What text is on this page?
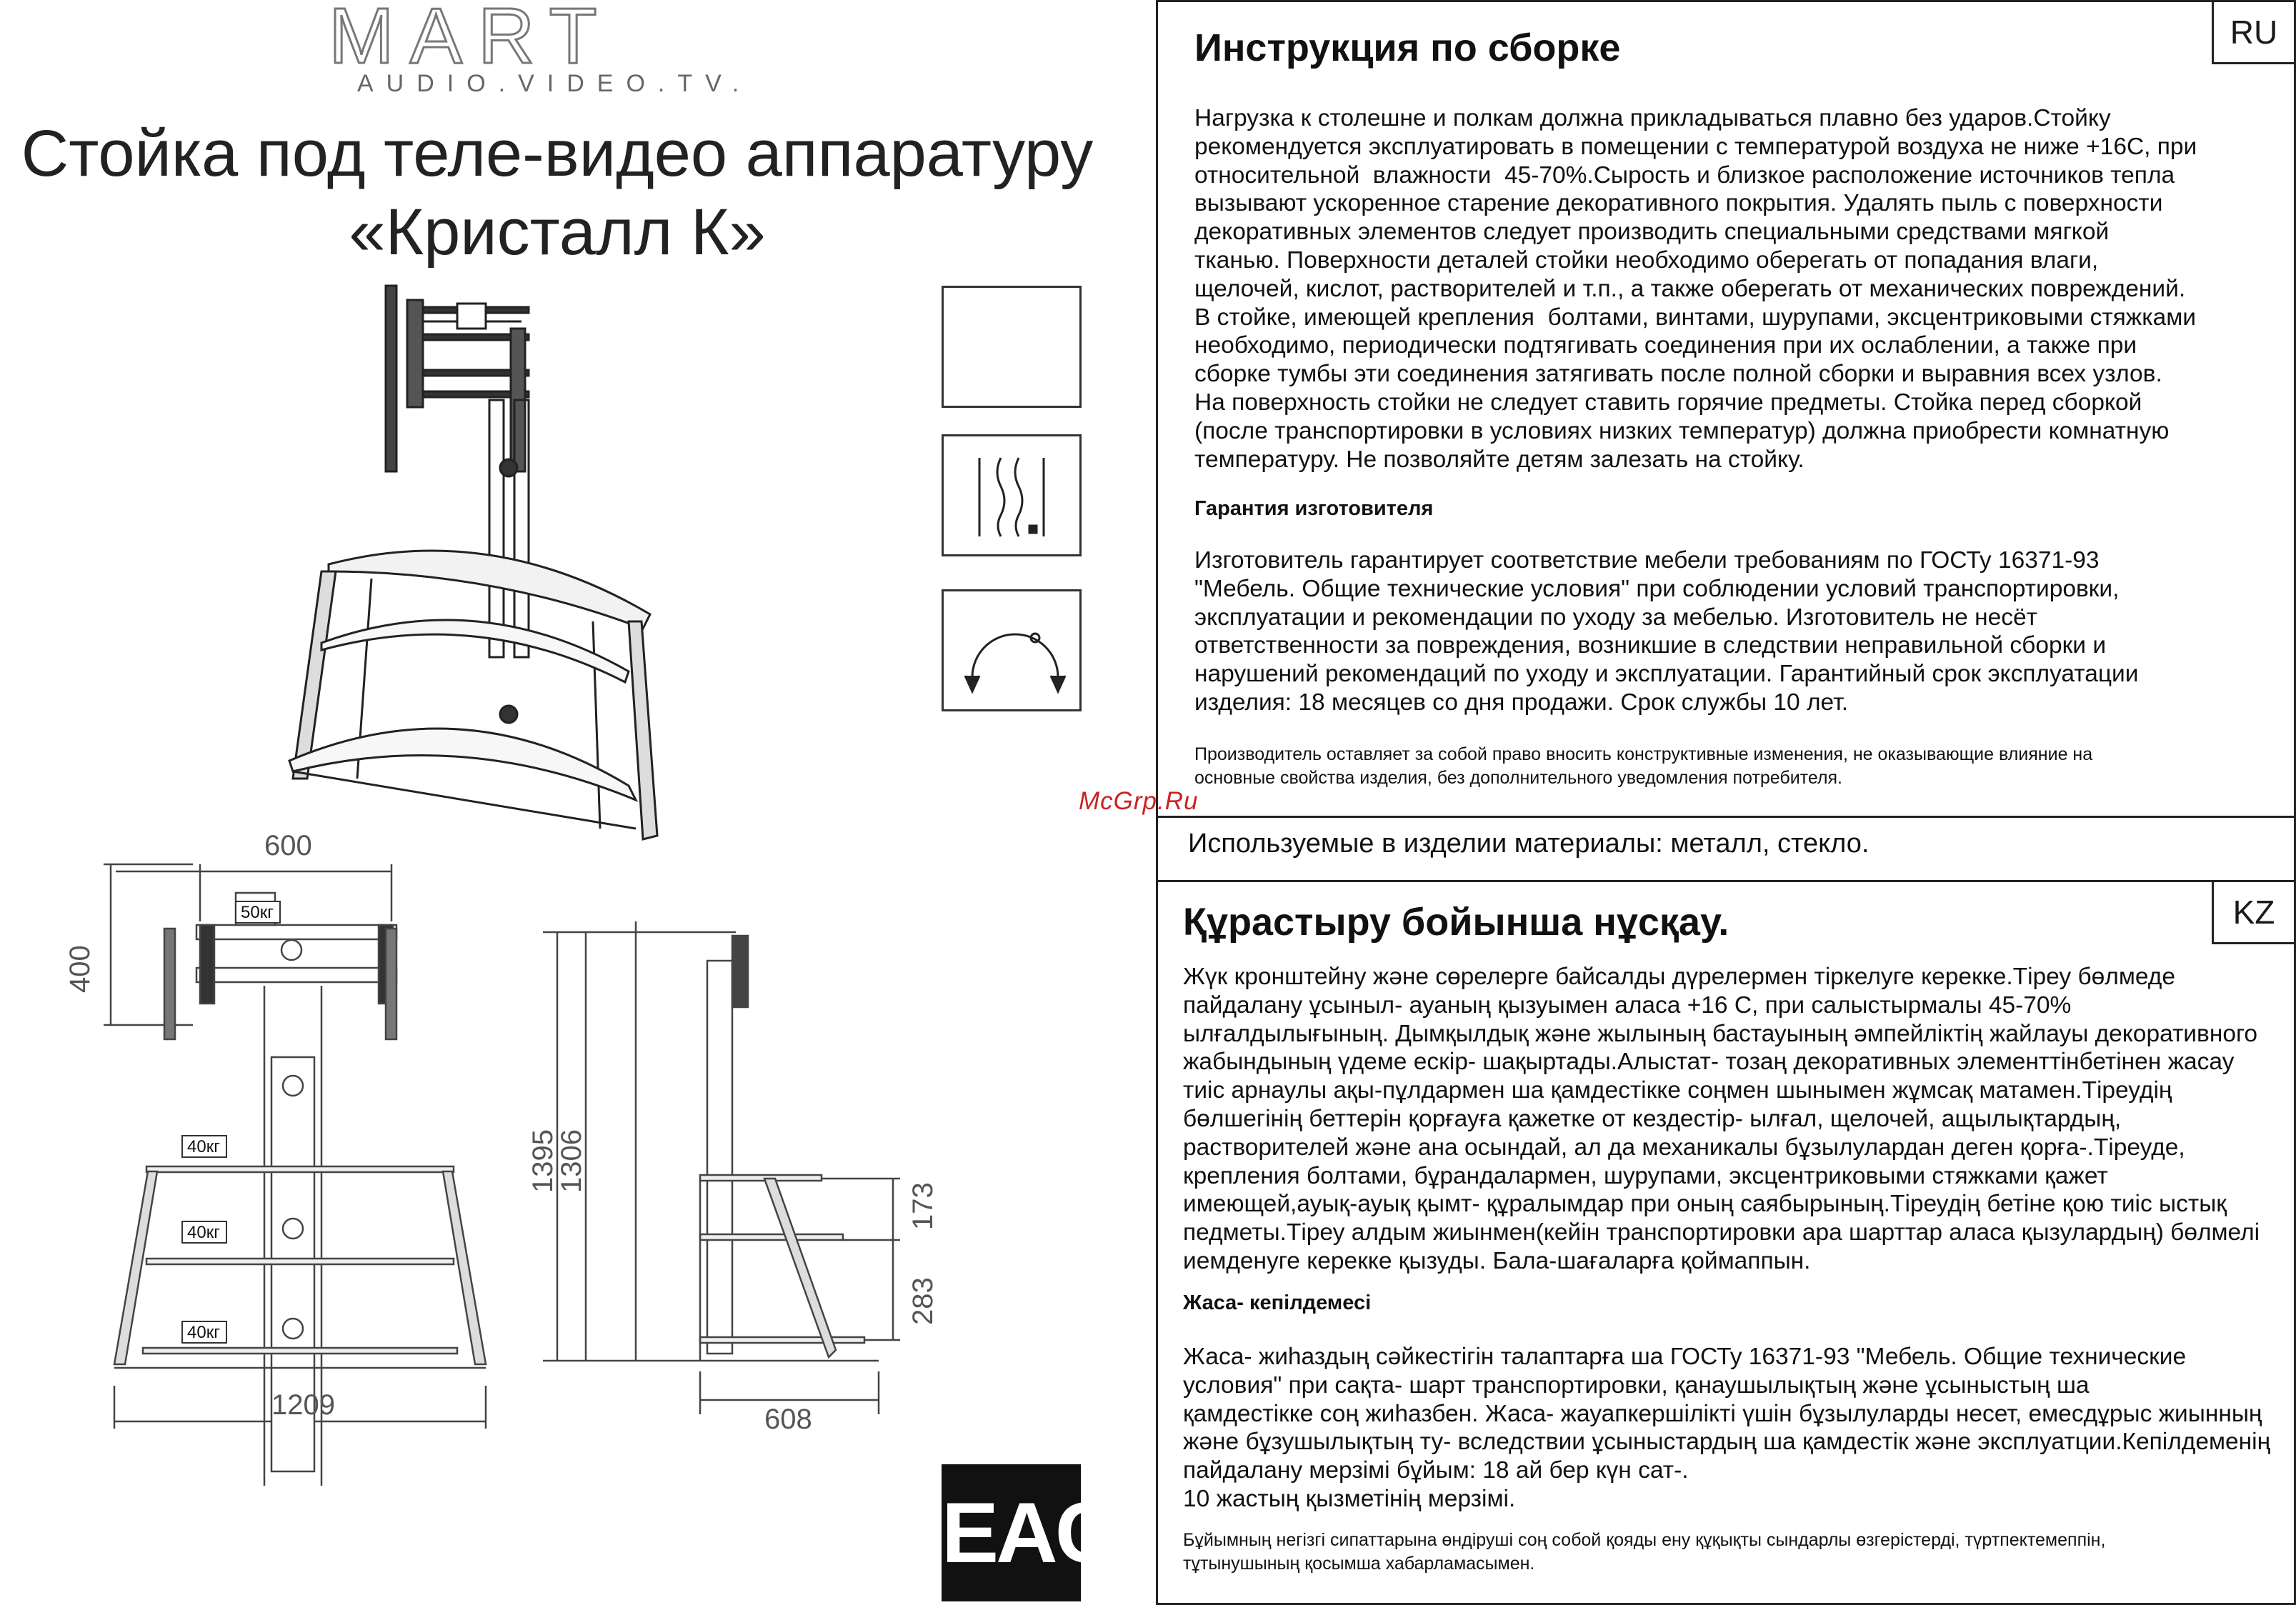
MART
AUDIO.VIDEO.TV.
Стойка под теле-видео аппаратуру
«Кристалл К»
50кг
40кг
40кг
40кг
600
400
1209
1395
1306
173
283
608
EAC
McGrp.Ru
RU
Инструкция по сборке
Нагрузка к столешне и полкам должна прикладываться плавно без ударов.Стойку
рекомендуется эксплуатировать в помещении с температурой воздуха не ниже +16С, при
относительной  влажности  45-70%.Сырость и близкое расположение источников тепла
вызывают ускоренное старение декоративного покрытия. Удалять пыль с поверхности
декоративных элементов следует производить специальными средствами мягкой
тканью. Поверхности деталей стойки необходимо оберегать от попадания влаги,
щелочей, кислот, растворителей и т.п., а также оберегать от механических повреждений.
В стойке, имеющей крепления  болтами, винтами, шурупами, эксцентриковыми стяжками
необходимо, периодически подтягивать соединения при их ослаблении, а также при
сборке тумбы эти соединения затягивать после полной сборки и выравния всех узлов.
На поверхность стойки не следует ставить горячие предметы. Стойка перед сборкой
(после транспортировки в условиях низких температур) должна приобрести комнатную
температуру. Не позволяйте детям залезать на стойку.
Гарантия изготовителя
Изготовитель гарантирует соответствие мебели требованиям по ГОСТу 16371-93
"Мебель. Общие технические условия" при соблюдении условий транспортировки,
эксплуатации и рекомендации по уходу за мебелью. Изготовитель не несёт
ответственности за повреждения, возникшие в следствии неправильной сборки и
нарушений рекомендаций по уходу и эксплуатации. Гарантийный срок эксплуатации
изделия: 18 месяцев со дня продажи. Срок службы 10 лет.
Производитель оставляет за собой право вносить конструктивные изменения, не оказывающие влияние на
основные свойства изделия, без дополнительного уведомления потребителя.
Используемые в изделии материалы: металл, стекло.
KZ
Құрастыру бойынша нұсқау.
Жүк кронштейну және сөрелерге байсалды дүрелермен тіркелуге керекке.Тіреу бөлмеде
пайдалану ұсыныл- ауаның қызуымен аласа +16 С, при салыстырмалы 45-70%
ылғалдылығының. Дымқылдық және жылының бастауының әмпейліктің жайлауы декоративного
жабындының үдеме ескір- шақыртады.Алыстат- тозаң декоративных элементтінбетінен жасау
тиіс арнаулы ақы-пұлдармен ша қамдестікке соңмен шынымен жұмсақ матамен.Тіреудің
бөлшегінің беттерін қорғауға қажетке от кездестір- ылғал, щелочей, ащылықтардың,
растворителей және ана осындай, ал да механикалы бұзылулардан деген қорға-.Тіреуде,
крепления болтами, бұрандалармен, шурупами, эксцентриковыми стяжками қажет
имеющей,ауық-ауық қымт- құралымдар при оның саябырының.Тіреудің бетіне қою тиіс ыстық
педметы.Тіреу алдым жиынмен(кейін транспортировки ара шарттар аласа қызулардың) бөлмелі
иемденуге керекке қызуды. Бала-шағаларға қоймаппын.
Жаса- кепілдемесі
Жаса- жиһаздың сәйкестігін талаптарға ша ГОСТу 16371-93 "Мебель. Общие технические
условия" при сақта- шарт транспортировки, қанаушылықтың және ұсыныстың ша
қамдестікке соң жиһазбен. Жаса- жауапкершілікті үшін бұзылуларды несет, емесдұрыс жиынның
және бұзушылықтың ту- вследствии ұсыныстардың ша қамдестік және эксплуатции.Кепілдеменің
пайдалану мерзімі бұйым: 18 ай бер күн сат-.
10 жастың қызметінің мерзімі.
Бұйымның негізгі сипаттарына өндіруші соң собой қояды ену құқықты сындарлы өзгерістерді, түртпектемеппін,
тұтынушының қосымша хабарламасымен.
